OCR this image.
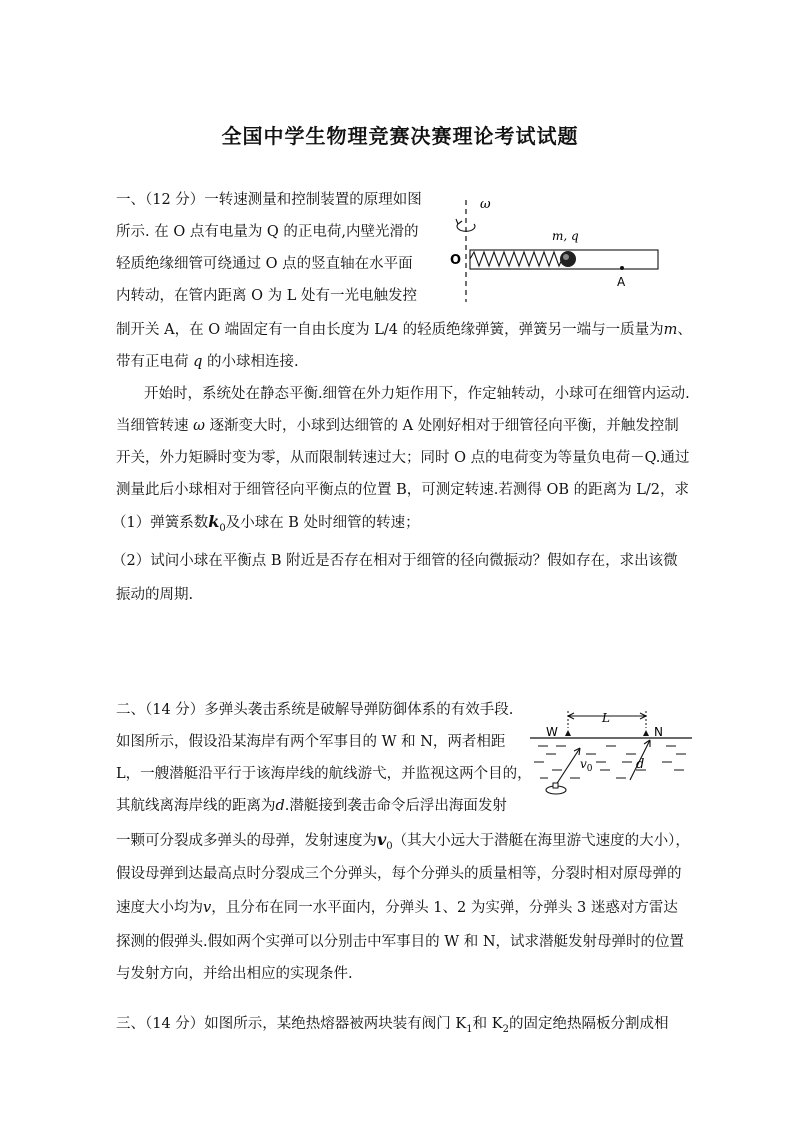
全国中学生物理竞赛决赛理论考试试题
一、（12 分）一转速测量和控制装置的原理如图
所示. 在 O 点有电量为 Q 的正电荷,内壁光滑的
轻质绝缘细管可绕通过 O 点的竖直轴在水平面
内转动，在管内距离 O 为 L 处有一光电触发控
制开关 A，在 O 端固定有一自由长度为 L/4 的轻质绝缘弹簧，弹簧另一端与一质量为m、
带有正电荷 q 的小球相连接.
开始时，系统处在静态平衡.细管在外力矩作用下，作定轴转动，小球可在细管内运动.
当细管转速 ω 逐渐变大时，小球到达细管的 A 处刚好相对于细管径向平衡，并触发控制
开关，外力矩瞬时变为零，从而限制转速过大；同时 O 点的电荷变为等量负电荷－Q.通过
测量此后小球相对于细管径向平衡点的位置 B，可测定转速.若测得 OB 的距离为 L/2，求
（1）弹簧系数$k_0$及小球在 B 处时细管的转速；
（2）试问小球在平衡点 B 附近是否存在相对于细管的径向微振动？假如存在，求出该微
振动的周期.
ω
m, q
O
A
二、（14 分）多弹头袭击系统是破解导弹防御体系的有效手段.
如图所示，假设沿某海岸有两个军事目的 W 和 N，两者相距
L，一艘潜艇沿平行于该海岸线的航线游弋，并监视这两个目的，
其航线离海岸线的距离为d.潜艇接到袭击命令后浮出海面发射
一颗可分裂成多弹头的母弹，发射速度为$v_0$（其大小远大于潜艇在海里游弋速度的大小），
假设母弹到达最高点时分裂成三个分弹头，每个分弹头的质量相等，分裂时相对原母弹的
速度大小均为v，且分布在同一水平面内，分弹头 1、2 为实弹，分弹头 3 迷惑对方雷达
探测的假弹头.假如两个实弹可以分别击中军事目的 W 和 N，试求潜艇发射母弹时的位置
与发射方向，并给出相应的实现条件.
L
W	N
$v_0$	d
三、（14 分）如图所示，某绝热熔器被两块装有阀门 $K_1$和 $K_2$的固定绝热隔板分割成相
